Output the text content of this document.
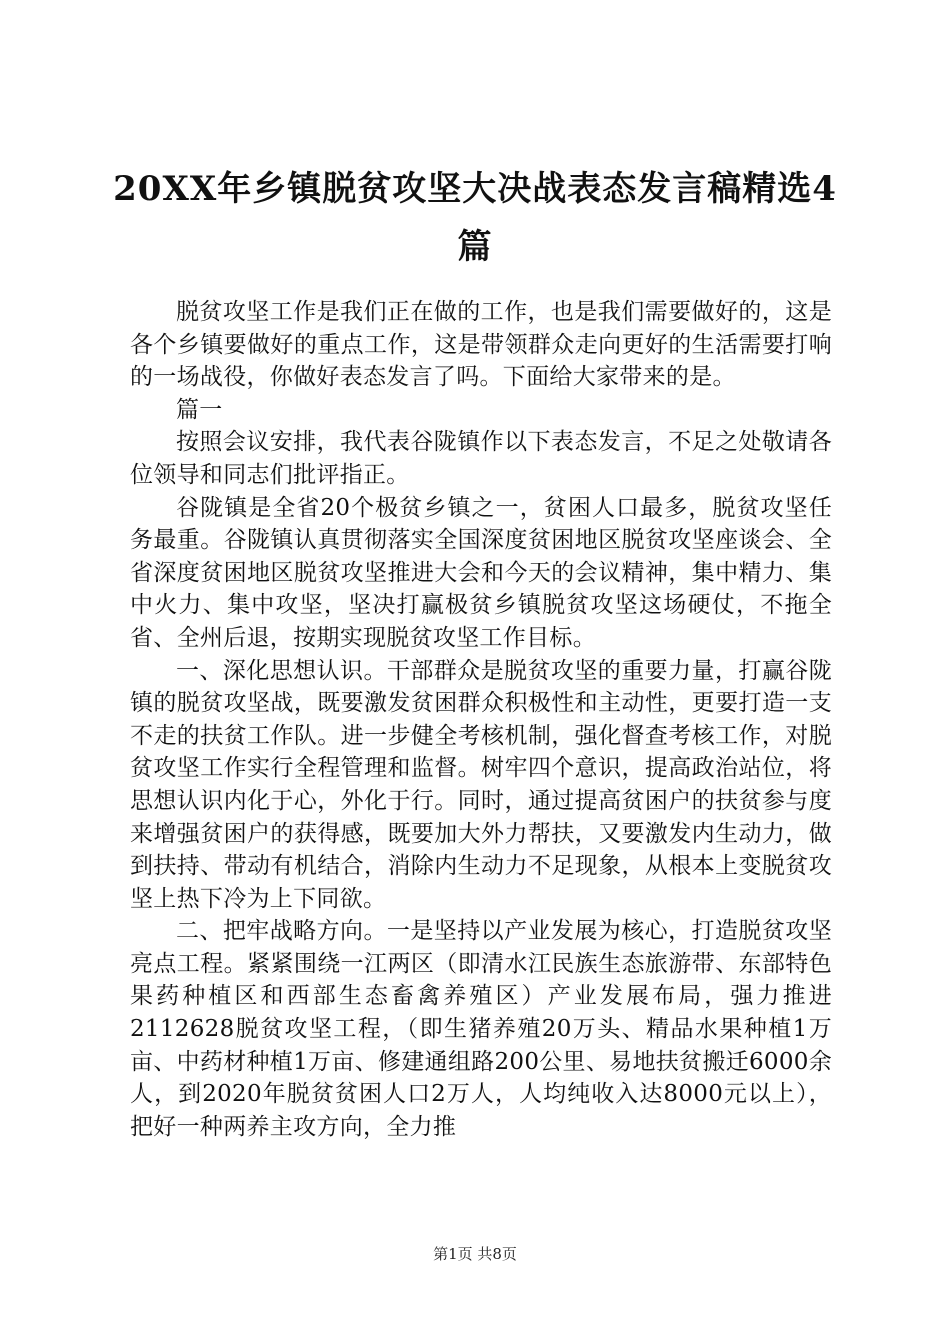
20XX年乡镇脱贫攻坚大决战表态发言稿精选4篇

脱贫攻坚工作是我们正在做的工作，也是我们需要做好的，这是各个乡镇要做好的重点工作，这是带领群众走向更好的生活需要打响的一场战役，你做好表态发言了吗。下面给大家带来的是。

篇一

按照会议安排，我代表谷陇镇作以下表态发言，不足之处敬请各位领导和同志们批评指正。

谷陇镇是全省20个极贫乡镇之一，贫困人口最多，脱贫攻坚任务最重。谷陇镇认真贯彻落实全国深度贫困地区脱贫攻坚座谈会、全省深度贫困地区脱贫攻坚推进大会和今天的会议精神，集中精力、集中火力、集中攻坚，坚决打赢极贫乡镇脱贫攻坚这场硬仗，不拖全省、全州后退，按期实现脱贫攻坚工作目标。

一、深化思想认识。干部群众是脱贫攻坚的重要力量，打赢谷陇镇的脱贫攻坚战，既要激发贫困群众积极性和主动性，更要打造一支不走的扶贫工作队。进一步健全考核机制，强化督查考核工作，对脱贫攻坚工作实行全程管理和监督。树牢四个意识，提高政治站位，将思想认识内化于心，外化于行。同时，通过提高贫困户的扶贫参与度来增强贫困户的获得感，既要加大外力帮扶，又要激发内生动力，做到扶持、带动有机结合，消除内生动力不足现象，从根本上变脱贫攻坚上热下冷为上下同欲。

二、把牢战略方向。一是坚持以产业发展为核心，打造脱贫攻坚亮点工程。紧紧围绕一江两区（即清水江民族生态旅游带、东部特色果药种植区和西部生态畜禽养殖区）产业发展布局，强力推进2112628脱贫攻坚工程，（即生猪养殖20万头、精品水果种植1万亩、中药材种植1万亩、修建通组路200公里、易地扶贫搬迁6000余人，到2020年脱贫贫困人口2万人，人均纯收入达8000元以上），把好一种两养主攻方向，全力推

第1页 共8页
